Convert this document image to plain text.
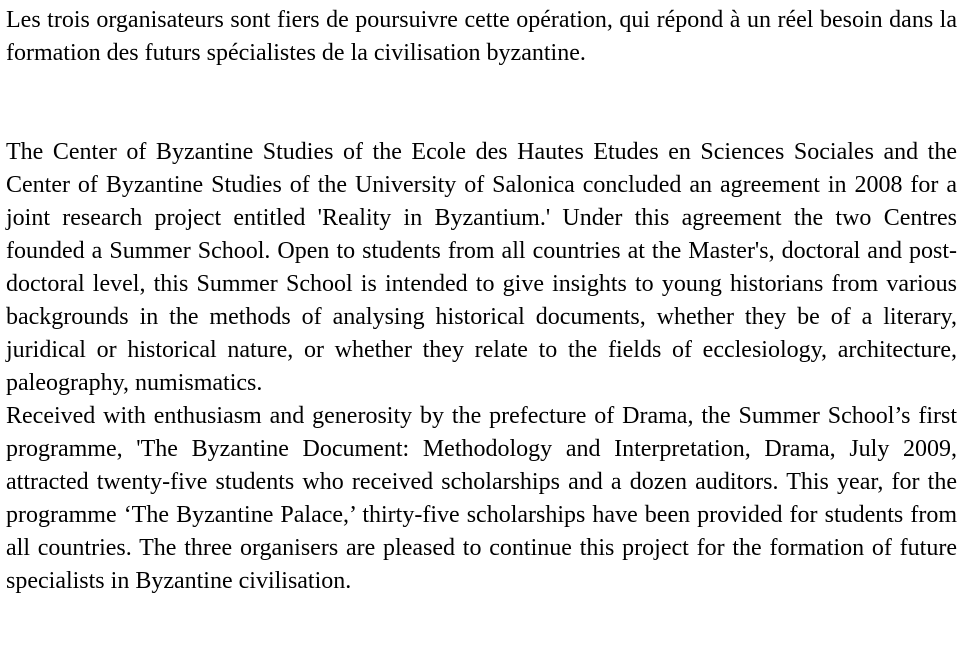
Les trois organisateurs sont fiers de poursuivre cette opération, qui répond à un réel besoin dans la formation des futurs spécialistes de la civilisation byzantine.

The Center of Byzantine Studies of the Ecole des Hautes Etudes en Sciences Sociales and the Center of Byzantine Studies of the University of Salonica concluded an agreement in 2008 for a joint research project entitled 'Reality in Byzantium.' Under this agreement the two Centres founded a Summer School. Open to students from all countries at the Master's, doctoral and post-doctoral level, this Summer School is intended to give insights to young historians from various backgrounds in the methods of analysing historical documents, whether they be of a literary, juridical or historical nature, or whether they relate to the fields of ecclesiology, architecture, paleography, numismatics.

Received with enthusiasm and generosity by the prefecture of Drama, the Summer School’s first programme, 'The Byzantine Document: Methodology and Interpretation, Drama, July 2009, attracted twenty-five students who received scholarships and a dozen auditors. This year, for the programme ‘The Byzantine Palace,’ thirty-five scholarships have been provided for students from all countries. The three organisers are pleased to continue this project for the formation of future specialists in Byzantine civilisation.
